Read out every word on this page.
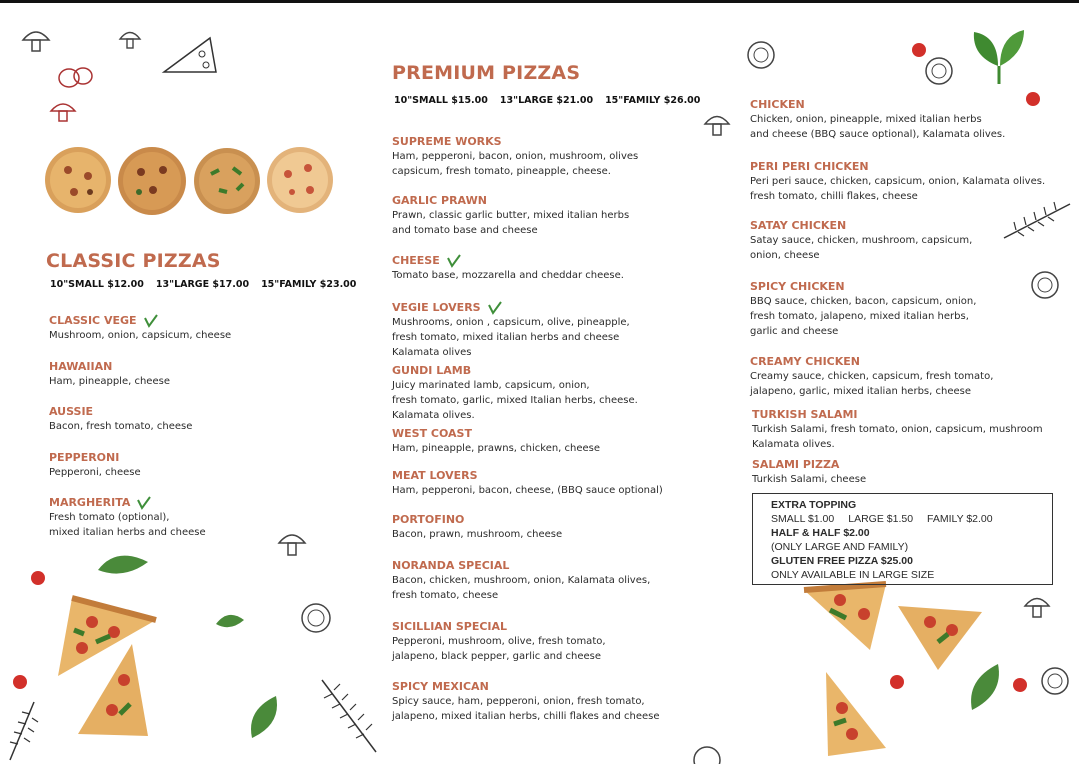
CLASSIC PIZZAS
10"SMALL $12.00 13"LARGE $17.00 15"FAMILY $23.00
CLASSIC VEGE
Mushroom, onion, capsicum, cheese
HAWAIIAN
Ham, pineapple, cheese
AUSSIE
Bacon, fresh tomato, cheese
PEPPERONI
Pepperoni, cheese
MARGHERITA
Fresh tomato (optional),
mixed italian herbs and cheese
PREMIUM PIZZAS
10"SMALL $15.00 13"LARGE $21.00 15"FAMILY $26.00
SUPREME WORKS
Ham, pepperoni, bacon, onion, mushroom, olives
capsicum, fresh tomato, pineapple, cheese.
GARLIC PRAWN
Prawn, classic garlic butter, mixed italian herbs
and tomato base and cheese
CHEESE
Tomato base, mozzarella and cheddar cheese.
VEGIE LOVERS
Mushrooms, onion , capsicum, olive, pineapple,
fresh tomato, mixed italian herbs and cheese
Kalamata olives
GUNDI LAMB
Juicy marinated lamb, capsicum, onion,
fresh tomato, garlic, mixed Italian herbs, cheese.
Kalamata olives.
WEST COAST
Ham, pineapple, prawns, chicken, cheese
MEAT LOVERS
Ham, pepperoni, bacon, cheese, (BBQ sauce optional)
PORTOFINO
Bacon, prawn, mushroom, cheese
NORANDA SPECIAL
Bacon, chicken, mushroom, onion, Kalamata olives,
fresh tomato, cheese
SICILLIAN SPECIAL
Pepperoni, mushroom, olive, fresh tomato,
jalapeno, black pepper, garlic and cheese
SPICY MEXICAN
Spicy sauce, ham, pepperoni, onion, fresh tomato,
jalapeno, mixed italian herbs, chilli flakes and cheese
CHICKEN
Chicken, onion, pineapple, mixed italian herbs
and cheese (BBQ sauce optional), Kalamata olives.
PERI PERI CHICKEN
Peri peri sauce, chicken, capsicum, onion, Kalamata olives.
fresh tomato, chilli flakes, cheese
SATAY CHICKEN
Satay sauce, chicken, mushroom, capsicum,
onion, cheese
SPICY CHICKEN
BBQ sauce, chicken, bacon, capsicum, onion,
fresh tomato, jalapeno, mixed italian herbs,
garlic and cheese
CREAMY CHICKEN
Creamy sauce, chicken, capsicum, fresh tomato,
jalapeno, garlic, mixed italian herbs, cheese
TURKISH SALAMI
Turkish Salami, fresh tomato, onion, capsicum, mushroom
Kalamata olives.
SALAMI PIZZA
Turkish Salami, cheese
EXTRA TOPPING
SMALL $1.00 LARGE $1.50 FAMILY $2.00
HALF & HALF $2.00
(ONLY LARGE AND FAMILY)
GLUTEN FREE PIZZA $25.00
ONLY AVAILABLE IN LARGE SIZE
